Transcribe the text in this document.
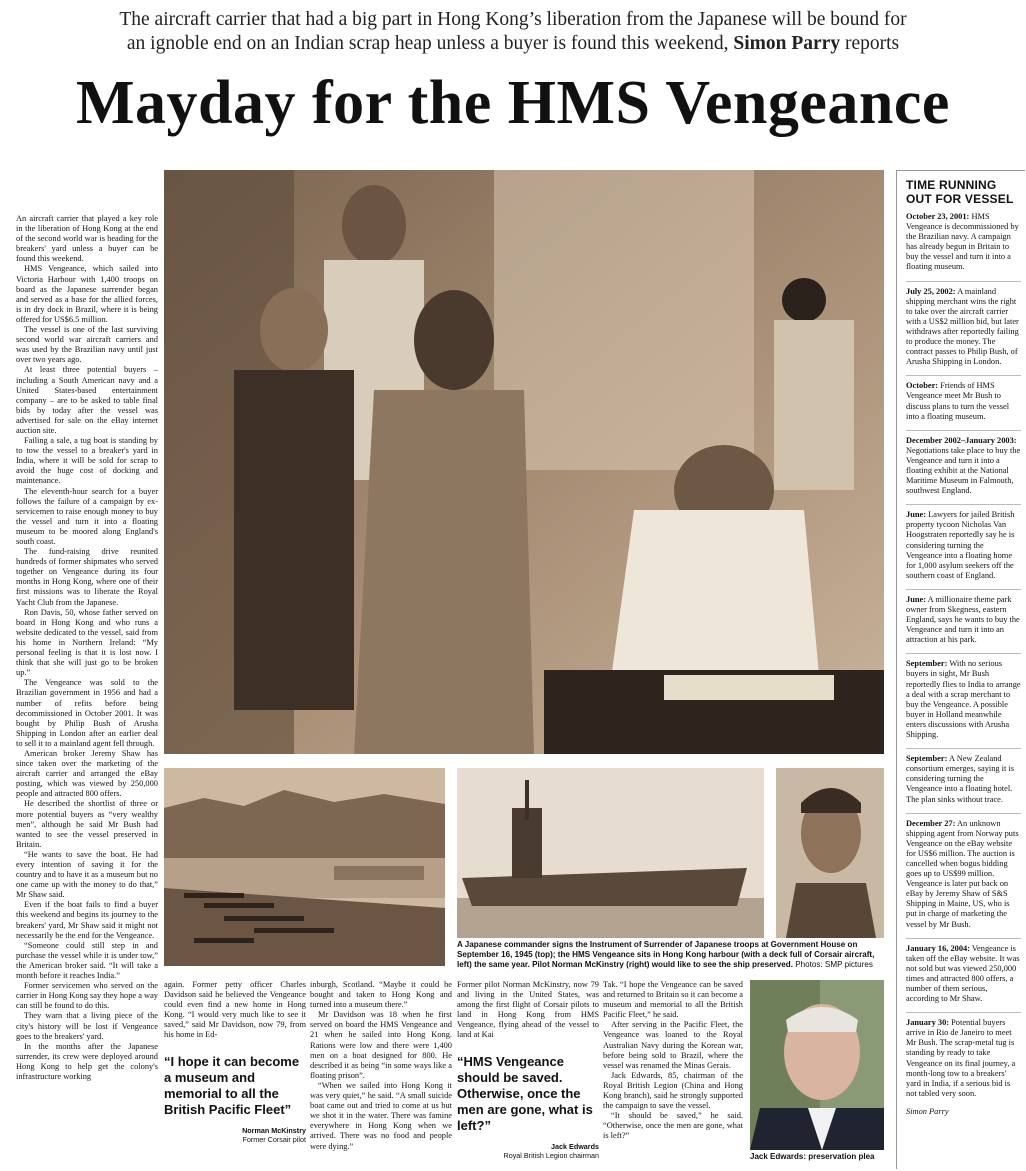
The aircraft carrier that had a big part in Hong Kong’s liberation from the Japanese will be bound for
an ignoble end on an Indian scrap heap unless a buyer is found this weekend, Simon Parry reports
Mayday for the HMS Vengeance

An aircraft carrier that played a key role in the liberation of Hong Kong at the end of the second world war is heading for the breakers' yard unless a buyer can be found this weekend.

HMS Vengeance, which sailed into Victoria Harbour with 1,400 troops on board as the Japanese surrender began and served as a base for the allied forces, is in dry dock in Brazil, where it is being offered for US$6.5 million.

The vessel is one of the last surviving second world war aircraft carriers and was used by the Brazilian navy until just over two years ago.

At least three potential buyers – including a South American navy and a United States-based entertainment company – are to be asked to table final bids by today after the vessel was advertised for sale on the eBay internet auction site.

Failing a sale, a tug boat is standing by to tow the vessel to a breaker's yard in India, where it will be sold for scrap to avoid the huge cost of docking and maintenance.

The eleventh-hour search for a buyer follows the failure of a campaign by ex-servicemen to raise enough money to buy the vessel and turn it into a floating museum to be moored along England's south coast.

The fund-raising drive reunited hundreds of former shipmates who served together on Vengeance during its four months in Hong Kong, where one of their first missions was to liberate the Royal Yacht Club from the Japanese.

Ron Davis, 50, whose father served on board in Hong Kong and who runs a website dedicated to the vessel, said from his home in Northern Ireland: “My personal feeling is that it is lost now. I think that she will just go to be broken up.”

The Vengeance was sold to the Brazilian government in 1956 and had a number of refits before being decommissioned in October 2001. It was bought by Philip Bush of Arusha Shipping in London after an earlier deal to sell it to a mainland agent fell through.

American broker Jeremy Shaw has since taken over the marketing of the aircraft carrier and arranged the eBay posting, which was viewed by 250,000 people and attracted 800 offers.

He described the shortlist of three or more potential buyers as “very wealthy men”, although he said Mr Bush had wanted to see the vessel preserved in Britain.

“He wants to save the boat. He had every intention of saving it for the country and to have it as a museum but no one came up with the money to do that,” Mr Shaw said.

Even if the boat fails to find a buyer this weekend and begins its journey to the breakers' yard, Mr Shaw said it might not necessarily be the end for the Vengeance.

“Someone could still step in and purchase the vessel while it is under tow,” the American broker said. “It will take a month before it reaches India.”

Former servicemen who served on the carrier in Hong Kong say they hope a way can still be found to do this.

They warn that a living piece of the city's history will be lost if Vengeance goes to the breakers' yard.

In the months after the Japanese surrender, its crew were deployed around Hong Kong to help get the colony's infrastructure working

A Japanese commander signs the Instrument of Surrender of Japanese troops at Government House on September 16, 1945 (top); the HMS Vengeance sits in Hong Kong harbour (with a deck full of Corsair aircraft, left) the same year. Pilot Norman McKinstry (right) would like to see the ship preserved. Photos: SMP pictures

again. Former petty officer Charles Davidson said he believed the Vengeance could even find a new home in Hong Kong. “I would very much like to see it saved,” said Mr Davidson, now 79, from his home in Ed-

“I hope it can become a museum and memorial to all the British Pacific Fleet”
Norman McKinstry
Former Corsair pilot

inburgh, Scotland. “Maybe it could be bought and taken to Hong Kong and turned into a museum there.”

Mr Davidson was 18 when he first served on board the HMS Vengeance and 21 when he sailed into Hong Kong. Rations were low and there were 1,400 men on a boat designed for 800. He described it as being “in some ways like a floating prison”.

“When we sailed into Hong Kong it was very quiet,” he said. “A small suicide boat came out and tried to come at us but we shot it in the water. There was famine everywhere in Hong Kong when we arrived. There was no food and people were dying.”

Former pilot Norman McKinstry, now 79 and living in the United States, was among the first flight of Corsair pilots to land in Hong Kong from HMS Vengeance, flying ahead of the vessel to land at Kai

“HMS Vengeance should be saved. Otherwise, once the men are gone, what is left?”
Jack Edwards
Royal British Legion chairman

Tak. “I hope the Vengeance can be saved and returned to Britain so it can become a museum and memorial to all the British Pacific Fleet,” he said.

After serving in the Pacific Fleet, the Vengeance was loaned to the Royal Australian Navy during the Korean war, before being sold to Brazil, where the vessel was renamed the Minas Gerais.

Jack Edwards, 85, chairman of the Royal British Legion (China and Hong Kong branch), said he strongly supported the campaign to save the vessel.

“It should be saved,” he said. “Otherwise, once the men are gone, what is left?”

Jack Edwards: preservation plea
TIME RUNNING OUT FOR VESSEL
October 23, 2001: HMS Vengeance is decommissioned by the Brazilian navy. A campaign has already begun in Britain to buy the vessel and turn it into a floating museum.
July 25, 2002: A mainland shipping merchant wins the right to take over the aircraft carrier with a US$2 million bid, but later withdraws after reportedly failing to produce the money. The contract passes to Philip Bush, of Arusha Shipping in London.
October: Friends of HMS Vengeance meet Mr Bush to discuss plans to turn the vessel into a floating museum.
December 2002–January 2003: Negotiations take place to buy the Vengeance and turn it into a floating exhibit at the National Maritime Museum in Falmouth, southwest England.
June: Lawyers for jailed British property tycoon Nicholas Van Hoogstraten reportedly say he is considering turning the Vengeance into a floating home for 1,000 asylum seekers off the southern coast of England.
June: A millionaire theme park owner from Skegness, eastern England, says he wants to buy the Vengeance and turn it into an attraction at his park.
September: With no serious buyers in sight, Mr Bush reportedly flies to India to arrange a deal with a scrap merchant to buy the Vengeance. A possible buyer in Holland meanwhile enters discussions with Arusha Shipping.
September: A New Zealand consortium emerges, saying it is considering turning the Vengeance into a floating hotel. The plan sinks without trace.
December 27: An unknown shipping agent from Norway puts Vengeance on the eBay website for US$6 million. The auction is cancelled when bogus bidding goes up to US$99 million. Vengeance is later put back on eBay by Jeremy Shaw of S&S Shipping in Maine, US, who is put in charge of marketing the vessel by Mr Bush.
January 16, 2004: Vengeance is taken off the eBay website. It was not sold but was viewed 250,000 times and attracted 800 offers, a number of them serious, according to Mr Shaw.
January 30: Potential buyers arrive in Rio de Janeiro to meet Mr Bush. The scrap-metal tug is standing by ready to take Vengeance on its final journey, a month-long tow to a breakers' yard in India, if a serious bid is not tabled very soon.
Simon Parry
